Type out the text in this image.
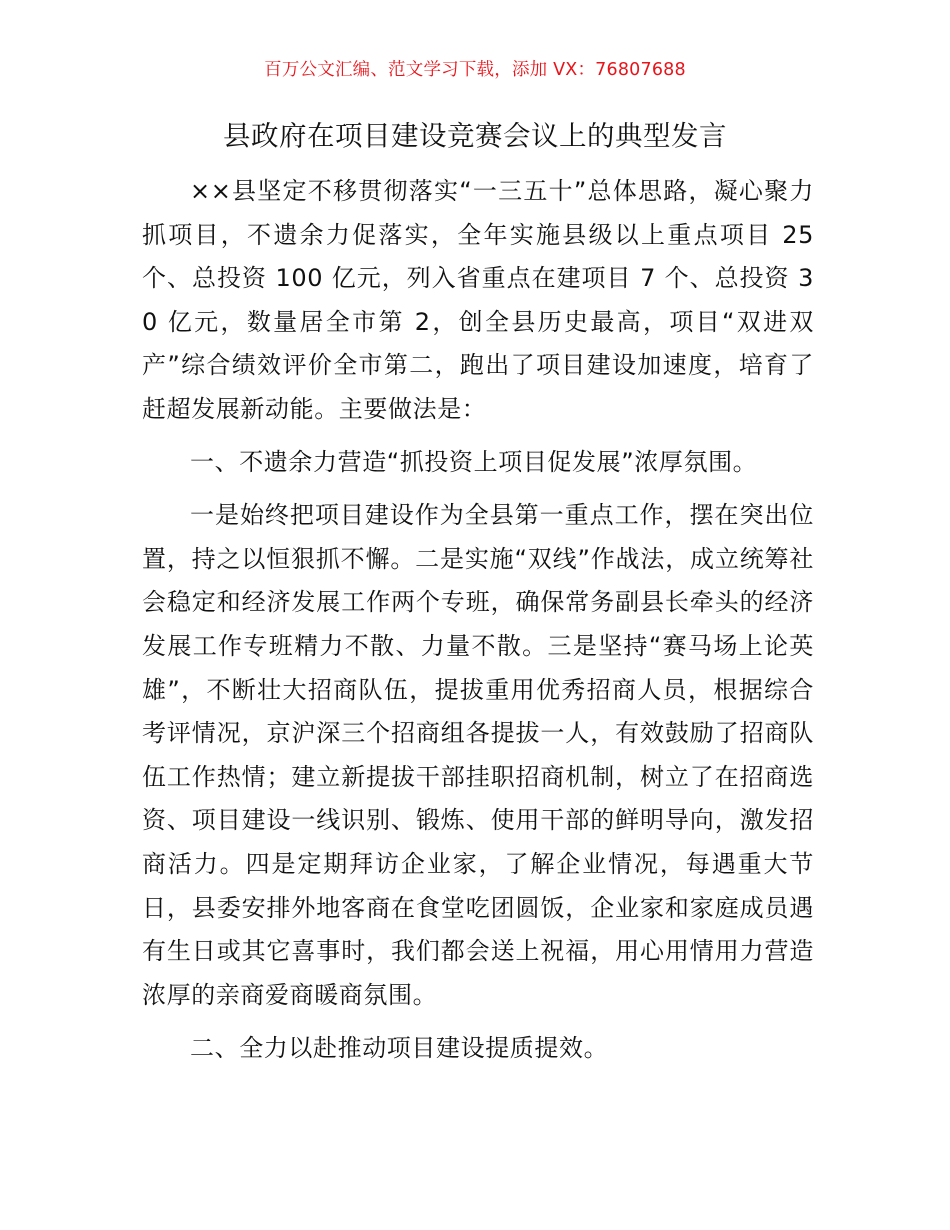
百万公文汇编、范文学习下载，添加 VX：76807688
县政府在项目建设竞赛会议上的典型发言

××县坚定不移贯彻落实“一三五十”总体思路，凝心聚力抓项目，不遗余力促落实，全年实施县级以上重点项目 25 个、总投资 100 亿元，列入省重点在建项目 7 个、总投资 30 亿元，数量居全市第 2，创全县历史最高，项目“双进双产”综合绩效评价全市第二，跑出了项目建设加速度，培育了赶超发展新动能。主要做法是：

一、不遗余力营造“抓投资上项目促发展”浓厚氛围。

一是始终把项目建设作为全县第一重点工作，摆在突出位置，持之以恒狠抓不懈。二是实施“双线”作战法，成立统筹社会稳定和经济发展工作两个专班，确保常务副县长牵头的经济发展工作专班精力不散、力量不散。三是坚持“赛马场上论英雄”，不断壮大招商队伍，提拔重用优秀招商人员，根据综合考评情况，京沪深三个招商组各提拔一人，有效鼓励了招商队伍工作热情；建立新提拔干部挂职招商机制，树立了在招商选资、项目建设一线识别、锻炼、使用干部的鲜明导向，激发招商活力。四是定期拜访企业家，了解企业情况，每遇重大节日，县委安排外地客商在食堂吃团圆饭，企业家和家庭成员遇有生日或其它喜事时，我们都会送上祝福，用心用情用力营造浓厚的亲商爱商暖商氛围。

二、全力以赴推动项目建设提质提效。
